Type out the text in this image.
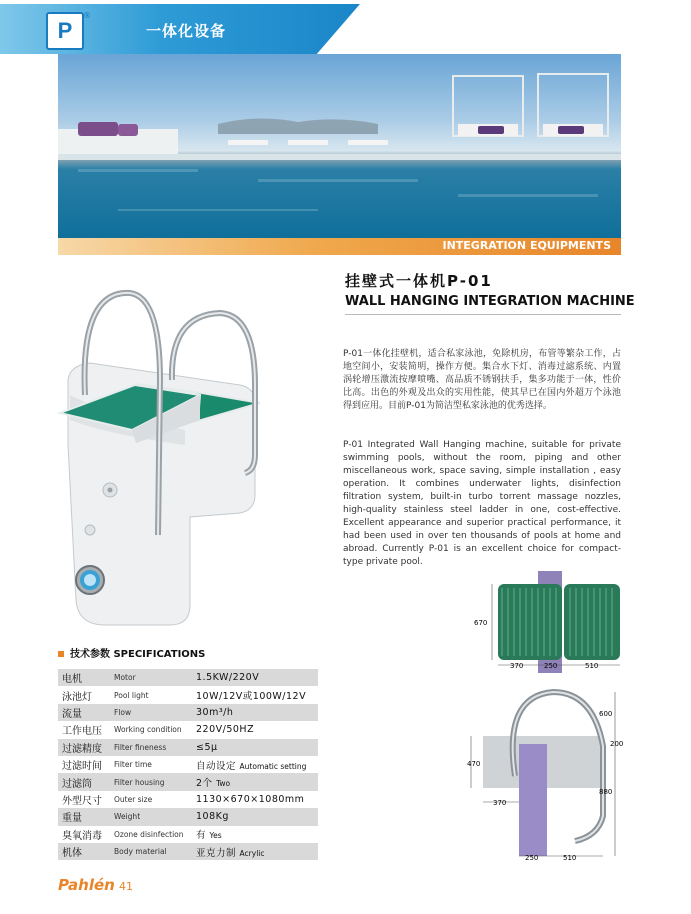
P
®
一体化设备
INTEGRATION EQUIPMENTS
挂壁式一体机P-01
WALL HANGING INTEGRATION MACHINE
P-01一体化挂壁机，适合私家泳池，免除机房，布管等繁杂工作，占地空间小，安装简明，操作方便。集合水下灯、消毒过滤系统、内置涡轮增压激流按摩喷嘴、高品质不锈钢扶手，集多功能于一体，性价比高。出色的外观及出众的实用性能，使其早已在国内外超万个泳池得到应用。目前P-01为简洁型私家泳池的优秀选择。
P-01 Integrated Wall Hanging machine, suitable for private swimming pools, without the room, piping and other miscellaneous work, space saving, simple installation , easy operation. It combines underwater lights, disinfection filtration system, built-in turbo torrent massage nozzles, high-quality stainless steel ladder in one, cost-effective. Excellent appearance and superior practical performance, it had been used in over ten thousands of pools at home and abroad. Currently P-01 is an excellent choice for compact-type private pool.
技术参数 SPECIFICATIONS
电机	Motor	1.5KW/220V
泳池灯	Pool light	10W/12V或100W/12V
流量	Flow	30m³/h
工作电压	Working condition	220V/50HZ
过滤精度	Filter fineness	≤5μ
过滤时间	Filter time	自动设定 Automatic setting
过滤筒	Filter housing	2个 Two
外型尺寸	Outer size	1130×670×1080mm
重量	Weight	108Kg
臭氧消毒	Ozone disinfection	有 Yes
机体	Body material	亚克力制 Acrylic
670
370	250	510
470
600
200
880
370
250	510
Pahlén 41
